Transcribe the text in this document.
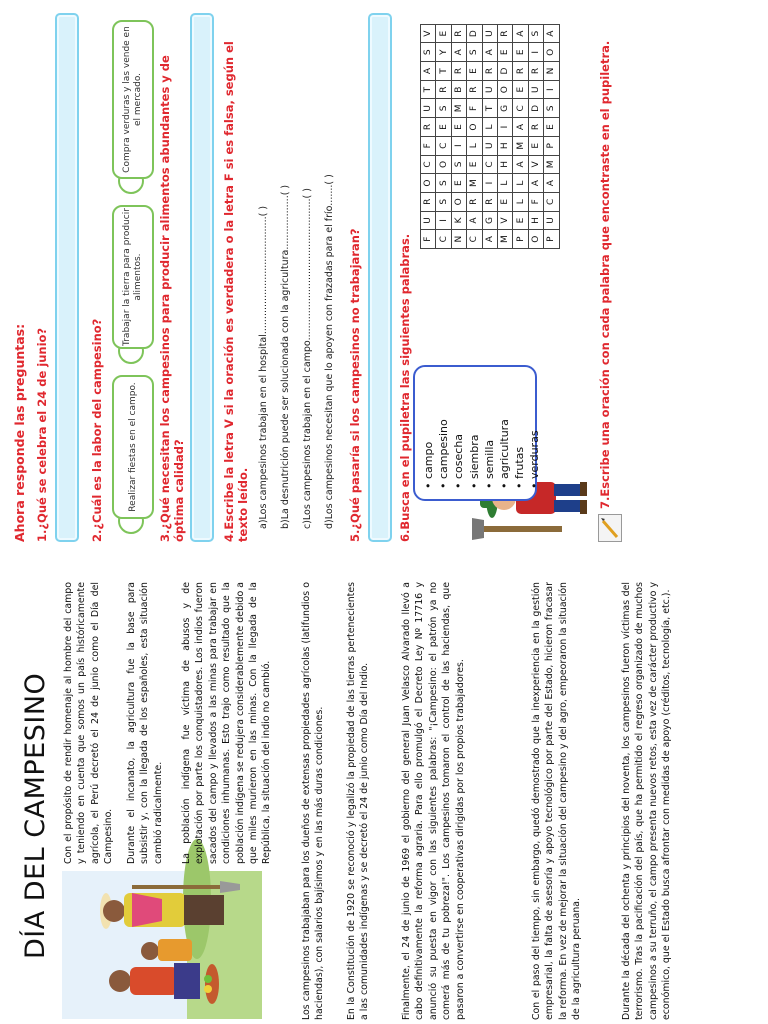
DÍA DEL CAMPESINO Con el propósito de rendir homenaje al hombre del campo y teniendo en cuenta que somos un país históricamente agrícola, el Perú decretó el 24 de junio como el Día del Campesino. Durante el incanato, la agricultura fue la base para subsistir y, con la llegada de los españoles, esta situación cambió radicalmente. La población indígena fue víctima de abusos y de explotación por parte los conquistadores. Los indios fueron sacados del campo y llevados a las minas para trabajar en condiciones inhumanas. Esto trajo como resultado que la población indígena se redujera considerablemente debido a que miles murieron en las minas. Con la llegada de la República, la situación del indio no cambió.	Los campesinos trabajaban para los dueños de extensas propiedades agrícolas (latifundios o haciendas), con salarios bajísimos y en las más duras condiciones. En la Constitución de 1920 se reconoció y legalizó la propiedad de las tierras pertenecientes a las comunidades indígenas y se decretó el 24 de junio como Día del Indio.	Finalmente, el 24 de junio de 1969 el gobierno del general Juan Velasco Alvarado llevó a cabo definitivamente la reforma agraria. Para ello promulgó el Decreto Ley Nº 17716 y anunció su puesta en vigor con las siguientes palabras: "¡Campesino: el patrón ya no comerá más de tu pobreza!". Los campesinos tomaron el control de las haciendas, que pasaron a convertirse en cooperativas dirigidas por los propios trabajadores.	Con el paso del tiempo, sin embargo, quedó demostrado que la inexperiencia en la gestión empresarial, la falta de asesoría y apoyo tecnológico por parte del Estado, hicieron fracasar la reforma. En vez de mejorar la situación del campesino y del agro, empeoraron la situación de la agricultura peruana.	Durante la década del ochenta y principios del noventa, los campesinos fueron víctimas del terrorismo. Tras la pacificación del país, que ha permitido el regreso organizado de muchos campesinos a su terruño, el campo presenta nuevos retos, esta vez de carácter productivo y económico, que el Estado busca afrontar con medidas de apoyo (créditos, tecnología, etc.).
Ahora responde las preguntas: 1.¿Qué se celebra el 24 de junio?	2.¿Cuál es la labor del campesino?	Realizar fiestas en el campo.
Trabajar la tierra para producir alimentos.
Compra verduras y las vende en el mercado.	3.¿Qué necesitan los campesinos para producir alimentos abundantes y de óptima calidad?	4.Escribe la letra V si la oración es verdadera o la letra F si es falsa, según el texto leído. a)Los campesinos trabajan en el hospital.......................................( ) b)La desnutrición puede ser solucionada con la agricultura..................( ) c)Los campesinos trabajan en el campo...............................................( ) d)Los campesinos necesitan que lo apoyen con frazadas para el frío.......( ) 5.¿Qué pasaría si los campesinos no trabajaran?	6.Busca en el pupiletra las siguientes palabras. • campo
• campesino
• cosecha
• siembra
• semilla
• agricultura
• frutas
• verduras
F	U	R	O	C	F	R	U	T	A	S	V
C	I	S	S	O	C	E	S	R	T	Y	E
N	K	O	E	S	I	E	M	B	R	A	R
C	A	R	M	E	L	O	F	R	E	S	D
A	G	R	I	C	U	L	T	U	R	A	U
M	V	E	L	H	H	I	G	O	D	E	R
P	E	L	L	A	M	A	C	E	R	E	A
O	H	F	A	V	E	R	D	U	R	I	S
P	U	C	A	M	P	E	S	I	N	O	A
7.Escribe una oración con cada palabra que encontraste en el pupiletra.
